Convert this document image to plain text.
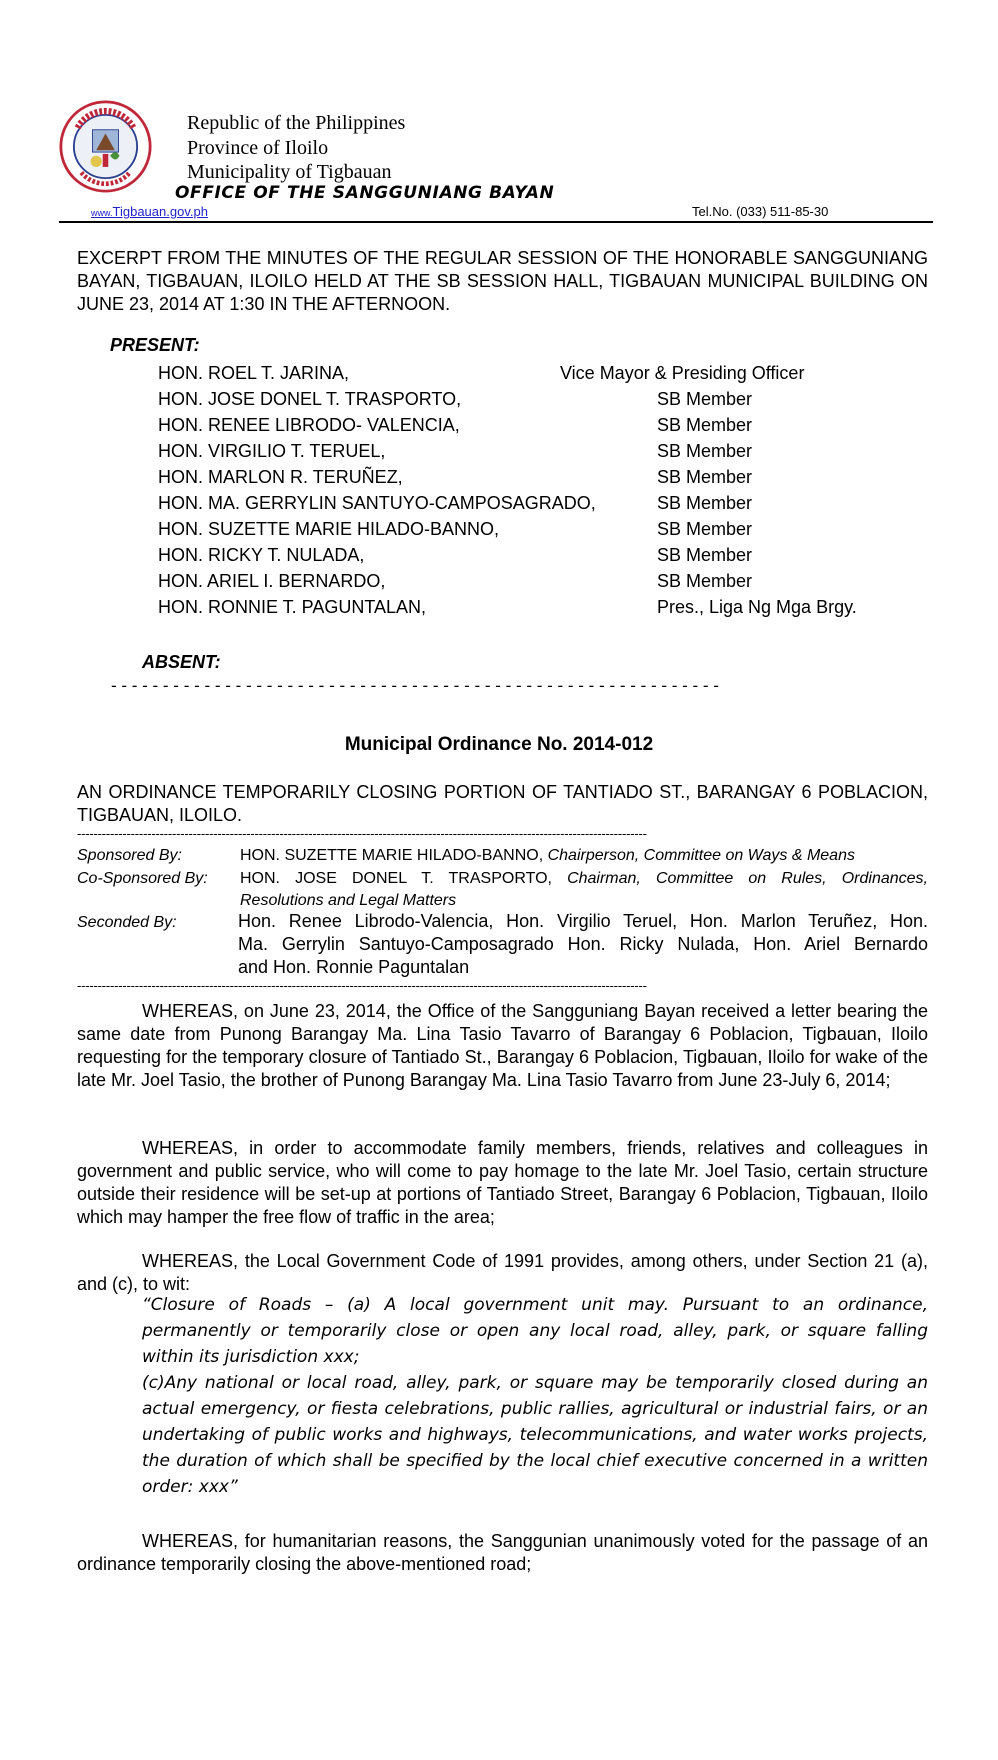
Republic of the Philippines
Province of Iloilo
Municipality of Tigbauan
OFFICE OF THE SANGGUNIANG BAYAN
www.Tigbauan.gov.ph	Tel.No. (033) 511-85-30
EXCERPT FROM THE MINUTES OF THE REGULAR SESSION OF THE HONORABLE SANGGUNIANG BAYAN, TIGBAUAN, ILOILO HELD AT THE SB SESSION HALL, TIGBAUAN MUNICIPAL BUILDING ON JUNE 23, 2014 AT 1:30 IN THE AFTERNOON.
PRESENT:
HON. ROEL T. JARINA,	Vice Mayor & Presiding Officer
HON. JOSE DONEL T. TRASPORTO,	SB Member
HON. RENEE LIBRODO- VALENCIA,	SB Member
HON. VIRGILIO T. TERUEL,	SB Member
HON. MARLON R. TERUÑEZ,	SB Member
HON. MA. GERRYLIN SANTUYO-CAMPOSAGRADO,	SB Member
HON. SUZETTE MARIE HILADO-BANNO,	SB Member
HON. RICKY T. NULADA,	SB Member
HON. ARIEL I. BERNARDO,	SB Member
HON. RONNIE T. PAGUNTALAN,	Pres., Liga Ng Mga Brgy.
ABSENT:
- - - - - - - - - - - - - - - - - - - - - - - - - - - - - - - - - - - - - - - - - - - - - - - - - - - - - - - - - - -
Municipal Ordinance No. 2014-012
AN ORDINANCE TEMPORARILY CLOSING PORTION OF TANTIADO ST., BARANGAY 6 POBLACION, TIGBAUAN, ILOILO.
------------------------------------------------------------------------------------------------------------------------------------------
Sponsored By:	HON. SUZETTE MARIE HILADO-BANNO, Chairperson, Committee on Ways & Means
Co-Sponsored By: HON. JOSE DONEL T. TRASPORTO, Chairman, Committee on Rules, Ordinances,
Resolutions and Legal Matters
Seconded By:	Hon. Renee Librodo-Valencia, Hon. Virgilio Teruel, Hon. Marlon Teruñez, Hon.
Ma. Gerrylin Santuyo-Camposagrado Hon. Ricky Nulada, Hon. Ariel Bernardo
and Hon. Ronnie Paguntalan
------------------------------------------------------------------------------------------------------------------------------------------
WHEREAS, on June 23, 2014, the Office of the Sangguniang Bayan received a letter bearing the same date from Punong Barangay Ma. Lina Tasio Tavarro of Barangay 6 Poblacion, Tigbauan, Iloilo requesting for the temporary closure of Tantiado St., Barangay 6 Poblacion, Tigbauan, Iloilo for wake of the late Mr. Joel Tasio, the brother of Punong Barangay Ma. Lina Tasio Tavarro from June 23-July 6, 2014;
WHEREAS, in order to accommodate family members, friends, relatives and colleagues in government and public service, who will come to pay homage to the late Mr. Joel Tasio, certain structure outside their residence will be set-up at portions of Tantiado Street, Barangay 6 Poblacion, Tigbauan, Iloilo which may hamper the free flow of traffic in the area;
WHEREAS, the Local Government Code of 1991 provides, among others, under Section 21 (a), and (c), to wit:
“Closure of Roads – (a) A local government unit may. Pursuant to an ordinance, permanently or temporarily close or open any local road, alley, park, or square falling within its jurisdiction xxx;
(c)Any national or local road, alley, park, or square may be temporarily closed during an actual emergency, or fiesta celebrations, public rallies, agricultural or industrial fairs, or an undertaking of public works and highways, telecommunications, and water works projects, the duration of which shall be specified by the local chief executive concerned in a written order: xxx”
WHEREAS, for humanitarian reasons, the Sanggunian unanimously voted for the passage of an ordinance temporarily closing the above-mentioned road;
